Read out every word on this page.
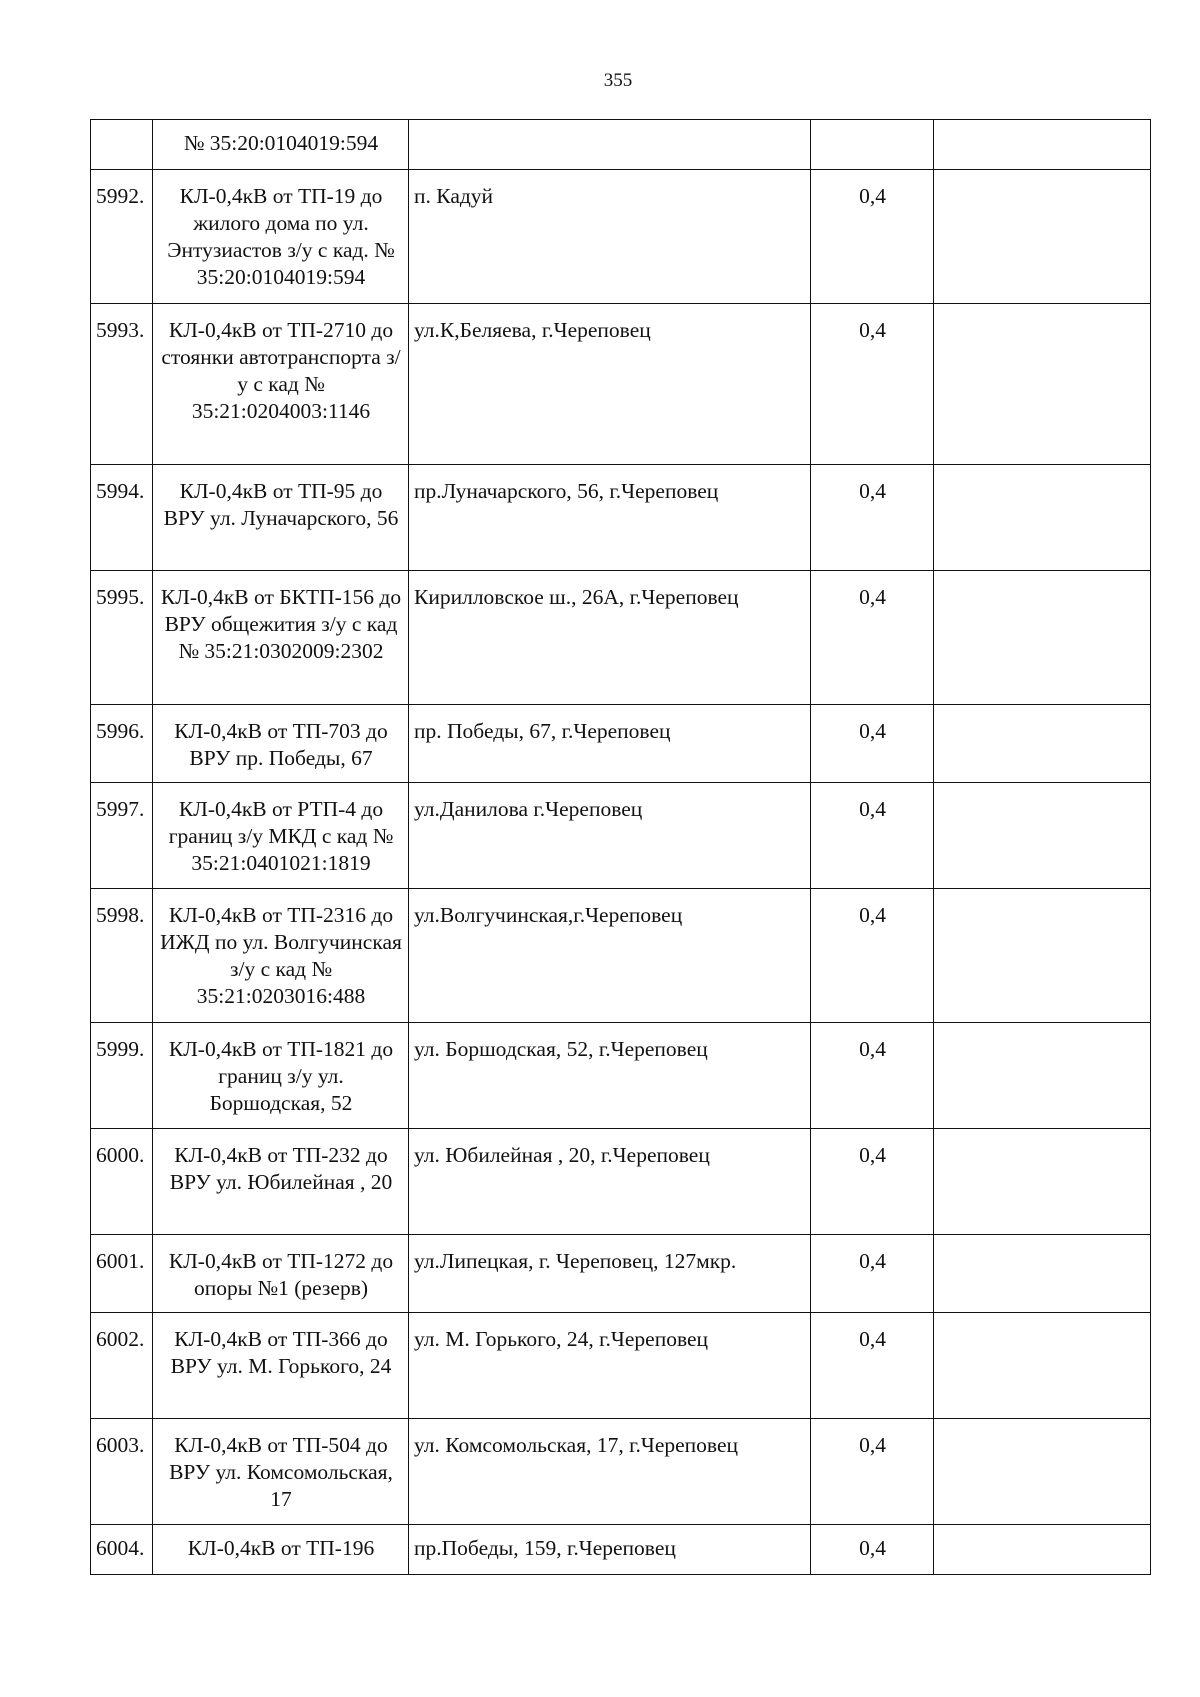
355
	№ 35:20:0104019:594			
5992.	КЛ-0,4кВ от ТП-19 до жилого дома по ул. Энтузиастов з/у с кад. № 35:20:0104019:594	п. Кадуй	0,4	
5993.	КЛ-0,4кВ от ТП-2710 до стоянки автотранспорта з/у с кад № 35:21:0204003:1146	ул.К,Беляева, г.Череповец	0,4	
5994.	КЛ-0,4кВ от ТП-95 до ВРУ ул. Луначарского, 56	пр.Луначарского, 56, г.Череповец	0,4	
5995.	КЛ-0,4кВ от БКТП-156 до ВРУ общежития з/у с кад № 35:21:0302009:2302	Кирилловское ш., 26А, г.Череповец	0,4	
5996.	КЛ-0,4кВ от ТП-703 до ВРУ пр. Победы, 67	пр. Победы, 67, г.Череповец	0,4	
5997.	КЛ-0,4кВ от РТП-4 до границ з/у МКД с кад № 35:21:0401021:1819	ул.Данилова г.Череповец	0,4	
5998.	КЛ-0,4кВ от ТП-2316 до ИЖД по ул. Волгучинская з/у с кад № 35:21:0203016:488	ул.Волгучинская,г.Череповец	0,4	
5999.	КЛ-0,4кВ от ТП-1821 до границ з/у ул. Боршодская, 52	ул. Боршодская, 52, г.Череповец	0,4	
6000.	КЛ-0,4кВ от ТП-232 до ВРУ ул. Юбилейная , 20	ул. Юбилейная , 20, г.Череповец	0,4	
6001.	КЛ-0,4кВ от ТП-1272 до опоры №1 (резерв)	ул.Липецкая, г. Череповец, 127мкр.	0,4	
6002.	КЛ-0,4кВ от ТП-366 до ВРУ ул. М. Горького, 24	ул. М. Горького, 24, г.Череповец	0,4	
6003.	КЛ-0,4кВ от ТП-504 до ВРУ ул. Комсомольская, 17	ул. Комсомольская, 17, г.Череповец	0,4	
6004.	КЛ-0,4кВ от ТП-196	пр.Победы, 159, г.Череповец	0,4	
